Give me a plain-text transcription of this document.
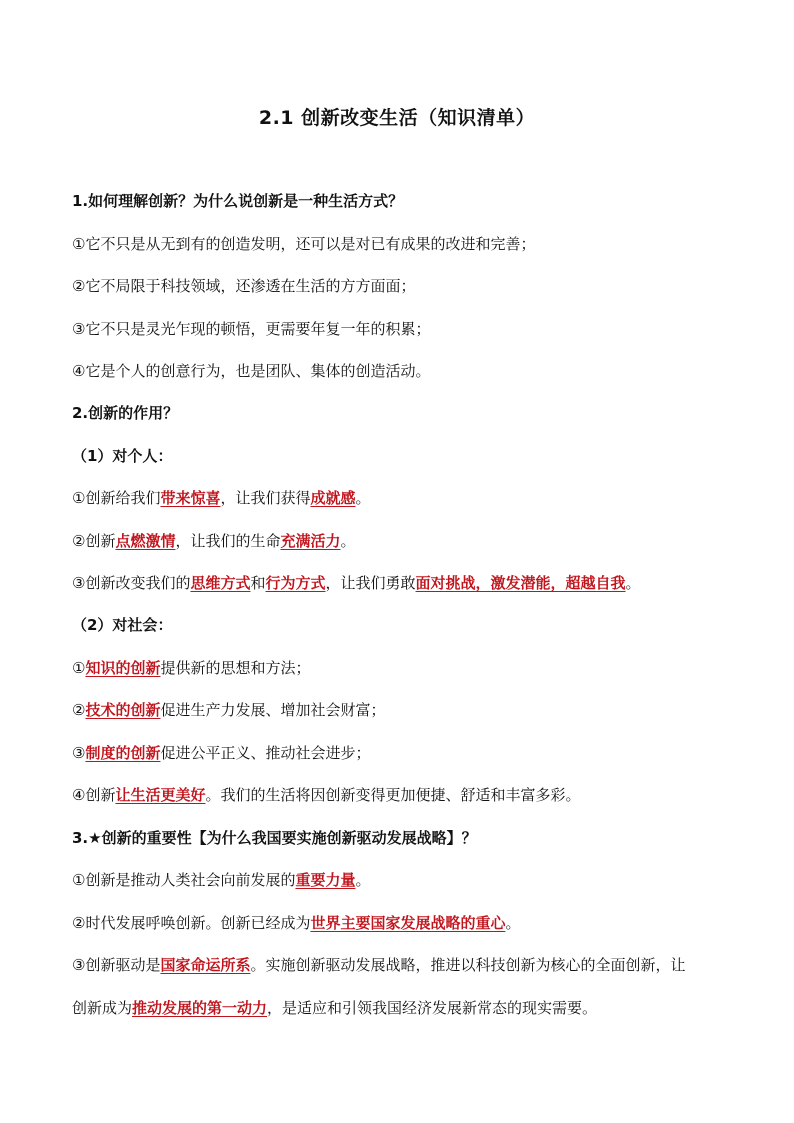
2.1 创新改变生活（知识清单）
1.如何理解创新？为什么说创新是一种生活方式？
①它不只是从无到有的创造发明，还可以是对已有成果的改进和完善；
②它不局限于科技领域，还渗透在生活的方方面面；
③它不只是灵光乍现的顿悟，更需要年复一年的积累；
④它是个人的创意行为，也是团队、集体的创造活动。
2.创新的作用？
（1）对个人：
①创新给我们带来惊喜，让我们获得成就感。
②创新点燃激情，让我们的生命充满活力。
③创新改变我们的思维方式和行为方式，让我们勇敢面对挑战，激发潜能，超越自我。
（2）对社会：
①知识的创新提供新的思想和方法；
②技术的创新促进生产力发展、增加社会财富；
③制度的创新促进公平正义、推动社会进步；
④创新让生活更美好。我们的生活将因创新变得更加便捷、舒适和丰富多彩。
3.★创新的重要性【为什么我国要实施创新驱动发展战略】？
①创新是推动人类社会向前发展的重要力量。
②时代发展呼唤创新。创新已经成为世界主要国家发展战略的重心。
③创新驱动是国家命运所系。实施创新驱动发展战略，推进以科技创新为核心的全面创新，让
创新成为推动发展的第一动力，是适应和引领我国经济发展新常态的现实需要。
